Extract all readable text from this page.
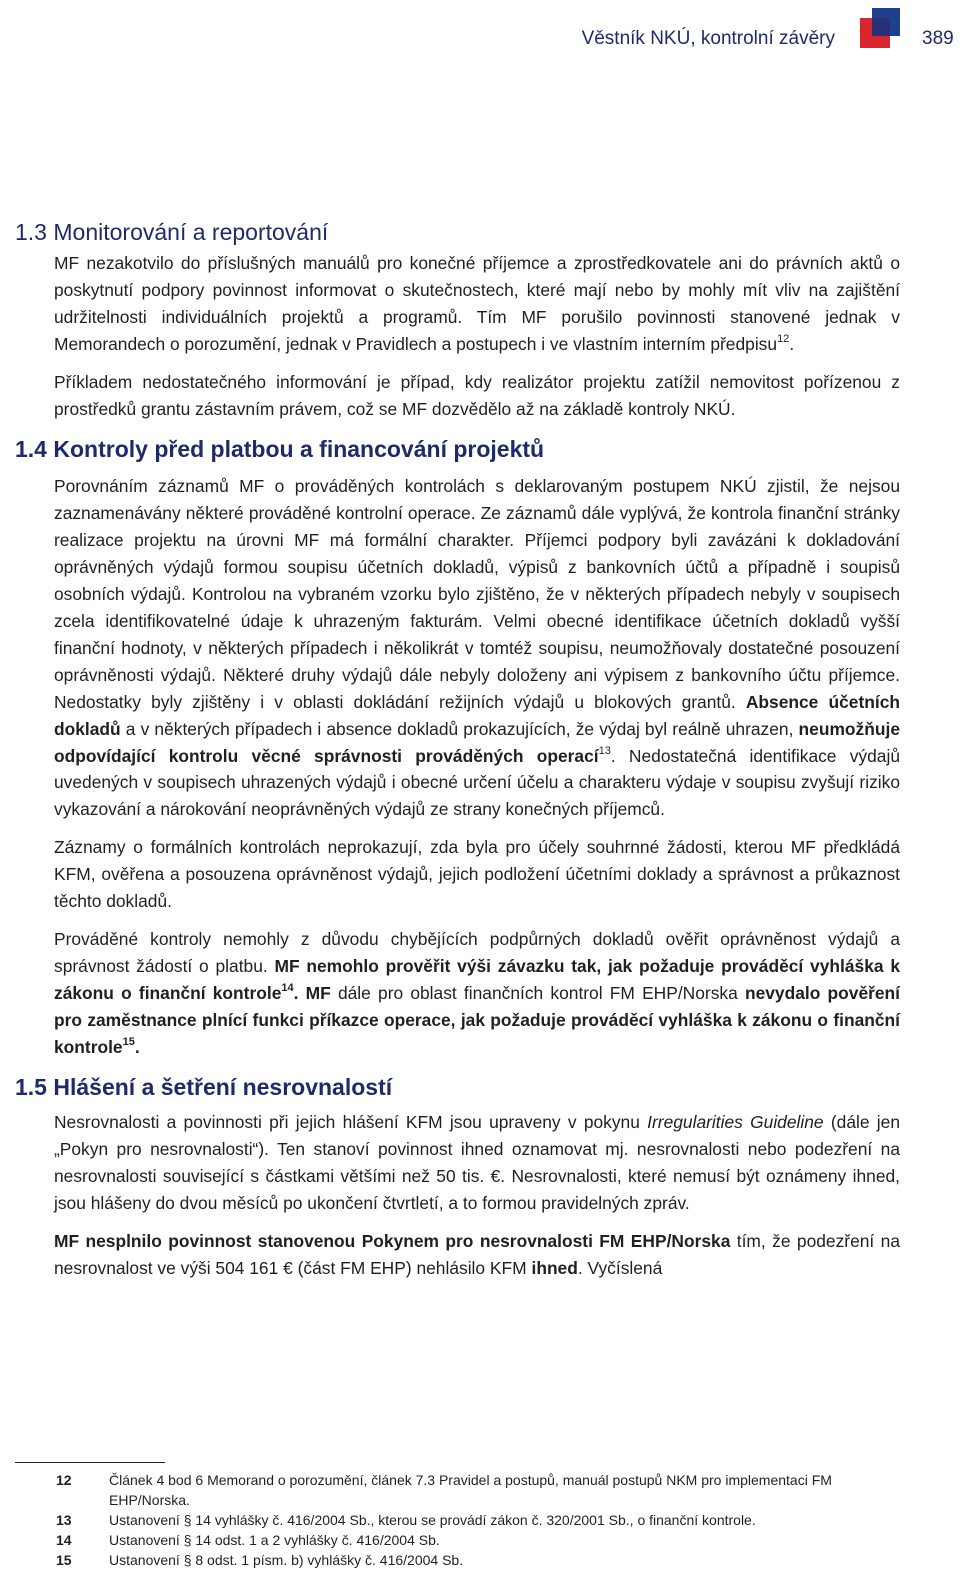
Věstník NKÚ, kontrolní závěry	389
1.3 Monitorování a reportování

MF nezakotvilo do příslušných manuálů pro konečné příjemce a zprostředkovatele ani do právních aktů o poskytnutí podpory povinnost informovat o skutečnostech, které mají nebo by mohly mít vliv na zajištění udržitelnosti individuálních projektů a programů. Tím MF porušilo povinnosti stanovené jednak v Memorandech o porozumění, jednak v Pravidlech a postupech i ve vlastním interním předpisu$^{12}$.

Příkladem nedostatečného informování je případ, kdy realizátor projektu zatížil nemovitost pořízenou z prostředků grantu zástavním právem, což se MF dozvědělo až na základě kontroly NKÚ.

1.4 Kontroly před platbou a financování projektů

Porovnáním záznamů MF o prováděných kontrolách s deklarovaným postupem NKÚ zjistil, že nejsou zaznamenávány některé prováděné kontrolní operace. Ze záznamů dále vyplývá, že kontrola finanční stránky realizace projektu na úrovni MF má formální charakter. Příjemci podpory byli zavázáni k dokladování oprávněných výdajů formou soupisu účetních dokladů, výpisů z bankovních účtů a případně i soupisů osobních výdajů. Kontrolou na vybraném vzorku bylo zjištěno, že v některých případech nebyly v soupisech zcela identifikovatelné údaje k uhrazeným fakturám. Velmi obecné identifikace účetních dokladů vyšší finanční hodnoty, v některých případech i několikrát v tomtéž soupisu, neumožňovaly dostatečné posouzení oprávněnosti výdajů. Některé druhy výdajů dále nebyly doloženy ani výpisem z bankovního účtu příjemce. Nedostatky byly zjištěny i v oblasti dokládání režijních výdajů u blokových grantů. Absence účetních dokladů a v některých případech i absence dokladů prokazujících, že výdaj byl reálně uhrazen, neumožňuje odpovídající kontrolu věcné správnosti prováděných operací$^{13}$. Nedostatečná identifikace výdajů uvedených v soupisech uhrazených výdajů i obecné určení účelu a charakteru výdaje v soupisu zvyšují riziko vykazování a nárokování neoprávněných výdajů ze strany konečných příjemců.

Záznamy o formálních kontrolách neprokazují, zda byla pro účely souhrnné žádosti, kterou MF předkládá KFM, ověřena a posouzena oprávněnost výdajů, jejich podložení účetními doklady a správnost a průkaznost těchto dokladů.

Prováděné kontroly nemohly z důvodu chybějících podpůrných dokladů ověřit oprávněnost výdajů a správnost žádostí o platbu. MF nemohlo prověřit výši závazku tak, jak požaduje prováděcí vyhláška k zákonu o finanční kontrole$^{14}$. MF dále pro oblast finančních kontrol FM EHP/Norska nevydalo pověření pro zaměstnance plnící funkci příkazce operace, jak požaduje prováděcí vyhláška k zákonu o finanční kontrole$^{15}$.

1.5 Hlášení a šetření nesrovnalostí

Nesrovnalosti a povinnosti při jejich hlášení KFM jsou upraveny v pokynu Irregularities Guideline (dále jen „Pokyn pro nesrovnalosti“). Ten stanoví povinnost ihned oznamovat mj. nesrovnalosti nebo podezření na nesrovnalosti související s částkami většími než 50 tis. €. Nesrovnalosti, které nemusí být oznámeny ihned, jsou hlášeny do dvou měsíců po ukončení čtvrtletí, a to formou pravidelných zpráv.

MF nesplnilo povinnost stanovenou Pokynem pro nesrovnalosti FM EHP/Norska tím, že podezření na nesrovnalost ve výši 504 161 € (část FM EHP) nehlásilo KFM ihned. Vyčíslená

12	Článek 4 bod 6 Memorand o porozumění, článek 7.3 Pravidel a postupů, manuál postupů NKM pro implementaci FM EHP/Norska.
13	Ustanovení § 14 vyhlášky č. 416/2004 Sb., kterou se provádí zákon č. 320/2001 Sb., o finanční kontrole.
14	Ustanovení § 14 odst. 1 a 2 vyhlášky č. 416/2004 Sb.
15	Ustanovení § 8 odst. 1 písm. b) vyhlášky č. 416/2004 Sb.
